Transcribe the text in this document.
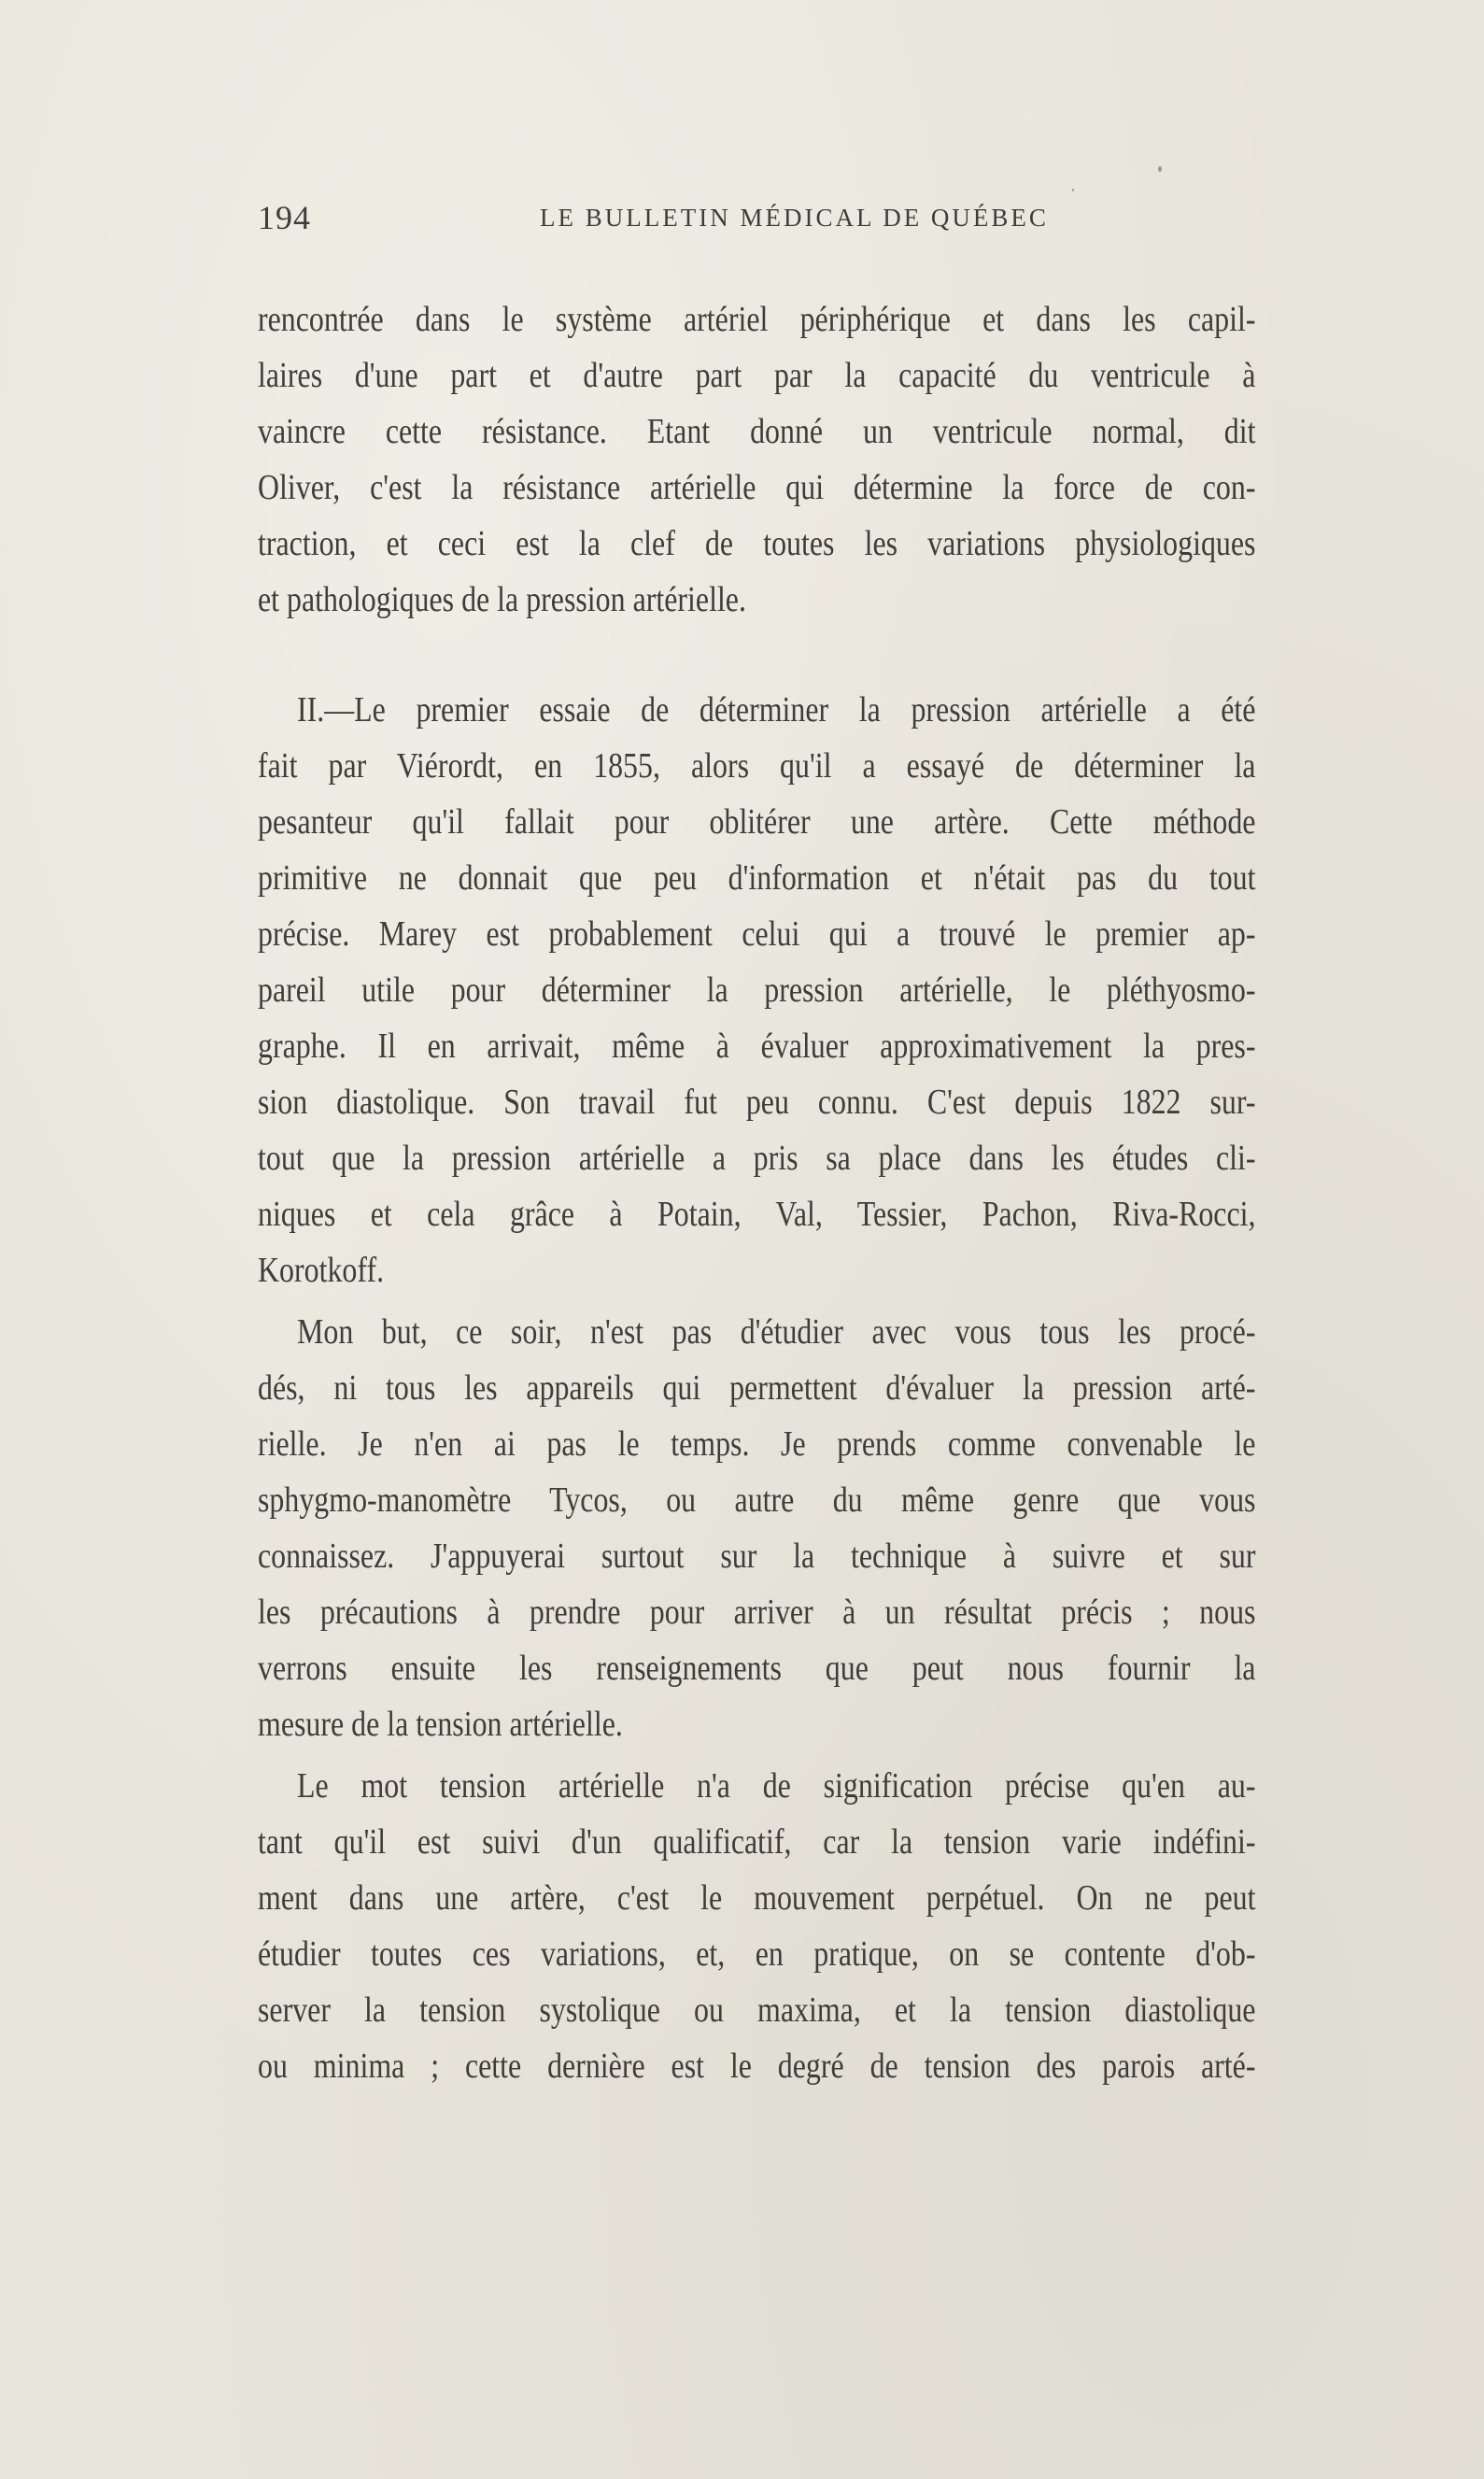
194	LE BULLETIN MÉDICAL DE QUÉBEC
rencontrée dans le système artériel périphérique et dans les capil-
laires d'une part et d'autre part par la capacité du ventricule à
vaincre cette résistance. Etant donné un ventricule normal, dit
Oliver, c'est la résistance artérielle qui détermine la force de con-
traction, et ceci est la clef de toutes les variations physiologiques
et pathologiques de la pression artérielle.
II.—Le premier essaie de déterminer la pression artérielle a été
fait par Viérordt, en 1855, alors qu'il a essayé de déterminer la
pesanteur qu'il fallait pour oblitérer une artère. Cette méthode
primitive ne donnait que peu d'information et n'était pas du tout
précise. Marey est probablement celui qui a trouvé le premier ap-
pareil utile pour déterminer la pression artérielle, le pléthyosmo-
graphe. Il en arrivait, même à évaluer approximativement la pres-
sion diastolique. Son travail fut peu connu. C'est depuis 1822 sur-
tout que la pression artérielle a pris sa place dans les études cli-
niques et cela grâce à Potain, Val, Tessier, Pachon, Riva-Rocci,
Korotkoff.
Mon but, ce soir, n'est pas d'étudier avec vous tous les procé-
dés, ni tous les appareils qui permettent d'évaluer la pression arté-
rielle. Je n'en ai pas le temps. Je prends comme convenable le
sphygmo-manomètre Tycos, ou autre du même genre que vous
connaissez. J'appuyerai surtout sur la technique à suivre et sur
les précautions à prendre pour arriver à un résultat précis ; nous
verrons ensuite les renseignements que peut nous fournir la
mesure de la tension artérielle.
Le mot tension artérielle n'a de signification précise qu'en au-
tant qu'il est suivi d'un qualificatif, car la tension varie indéfini-
ment dans une artère, c'est le mouvement perpétuel. On ne peut
étudier toutes ces variations, et, en pratique, on se contente d'ob-
server la tension systolique ou maxima, et la tension diastolique
ou minima ; cette dernière est le degré de tension des parois arté-
